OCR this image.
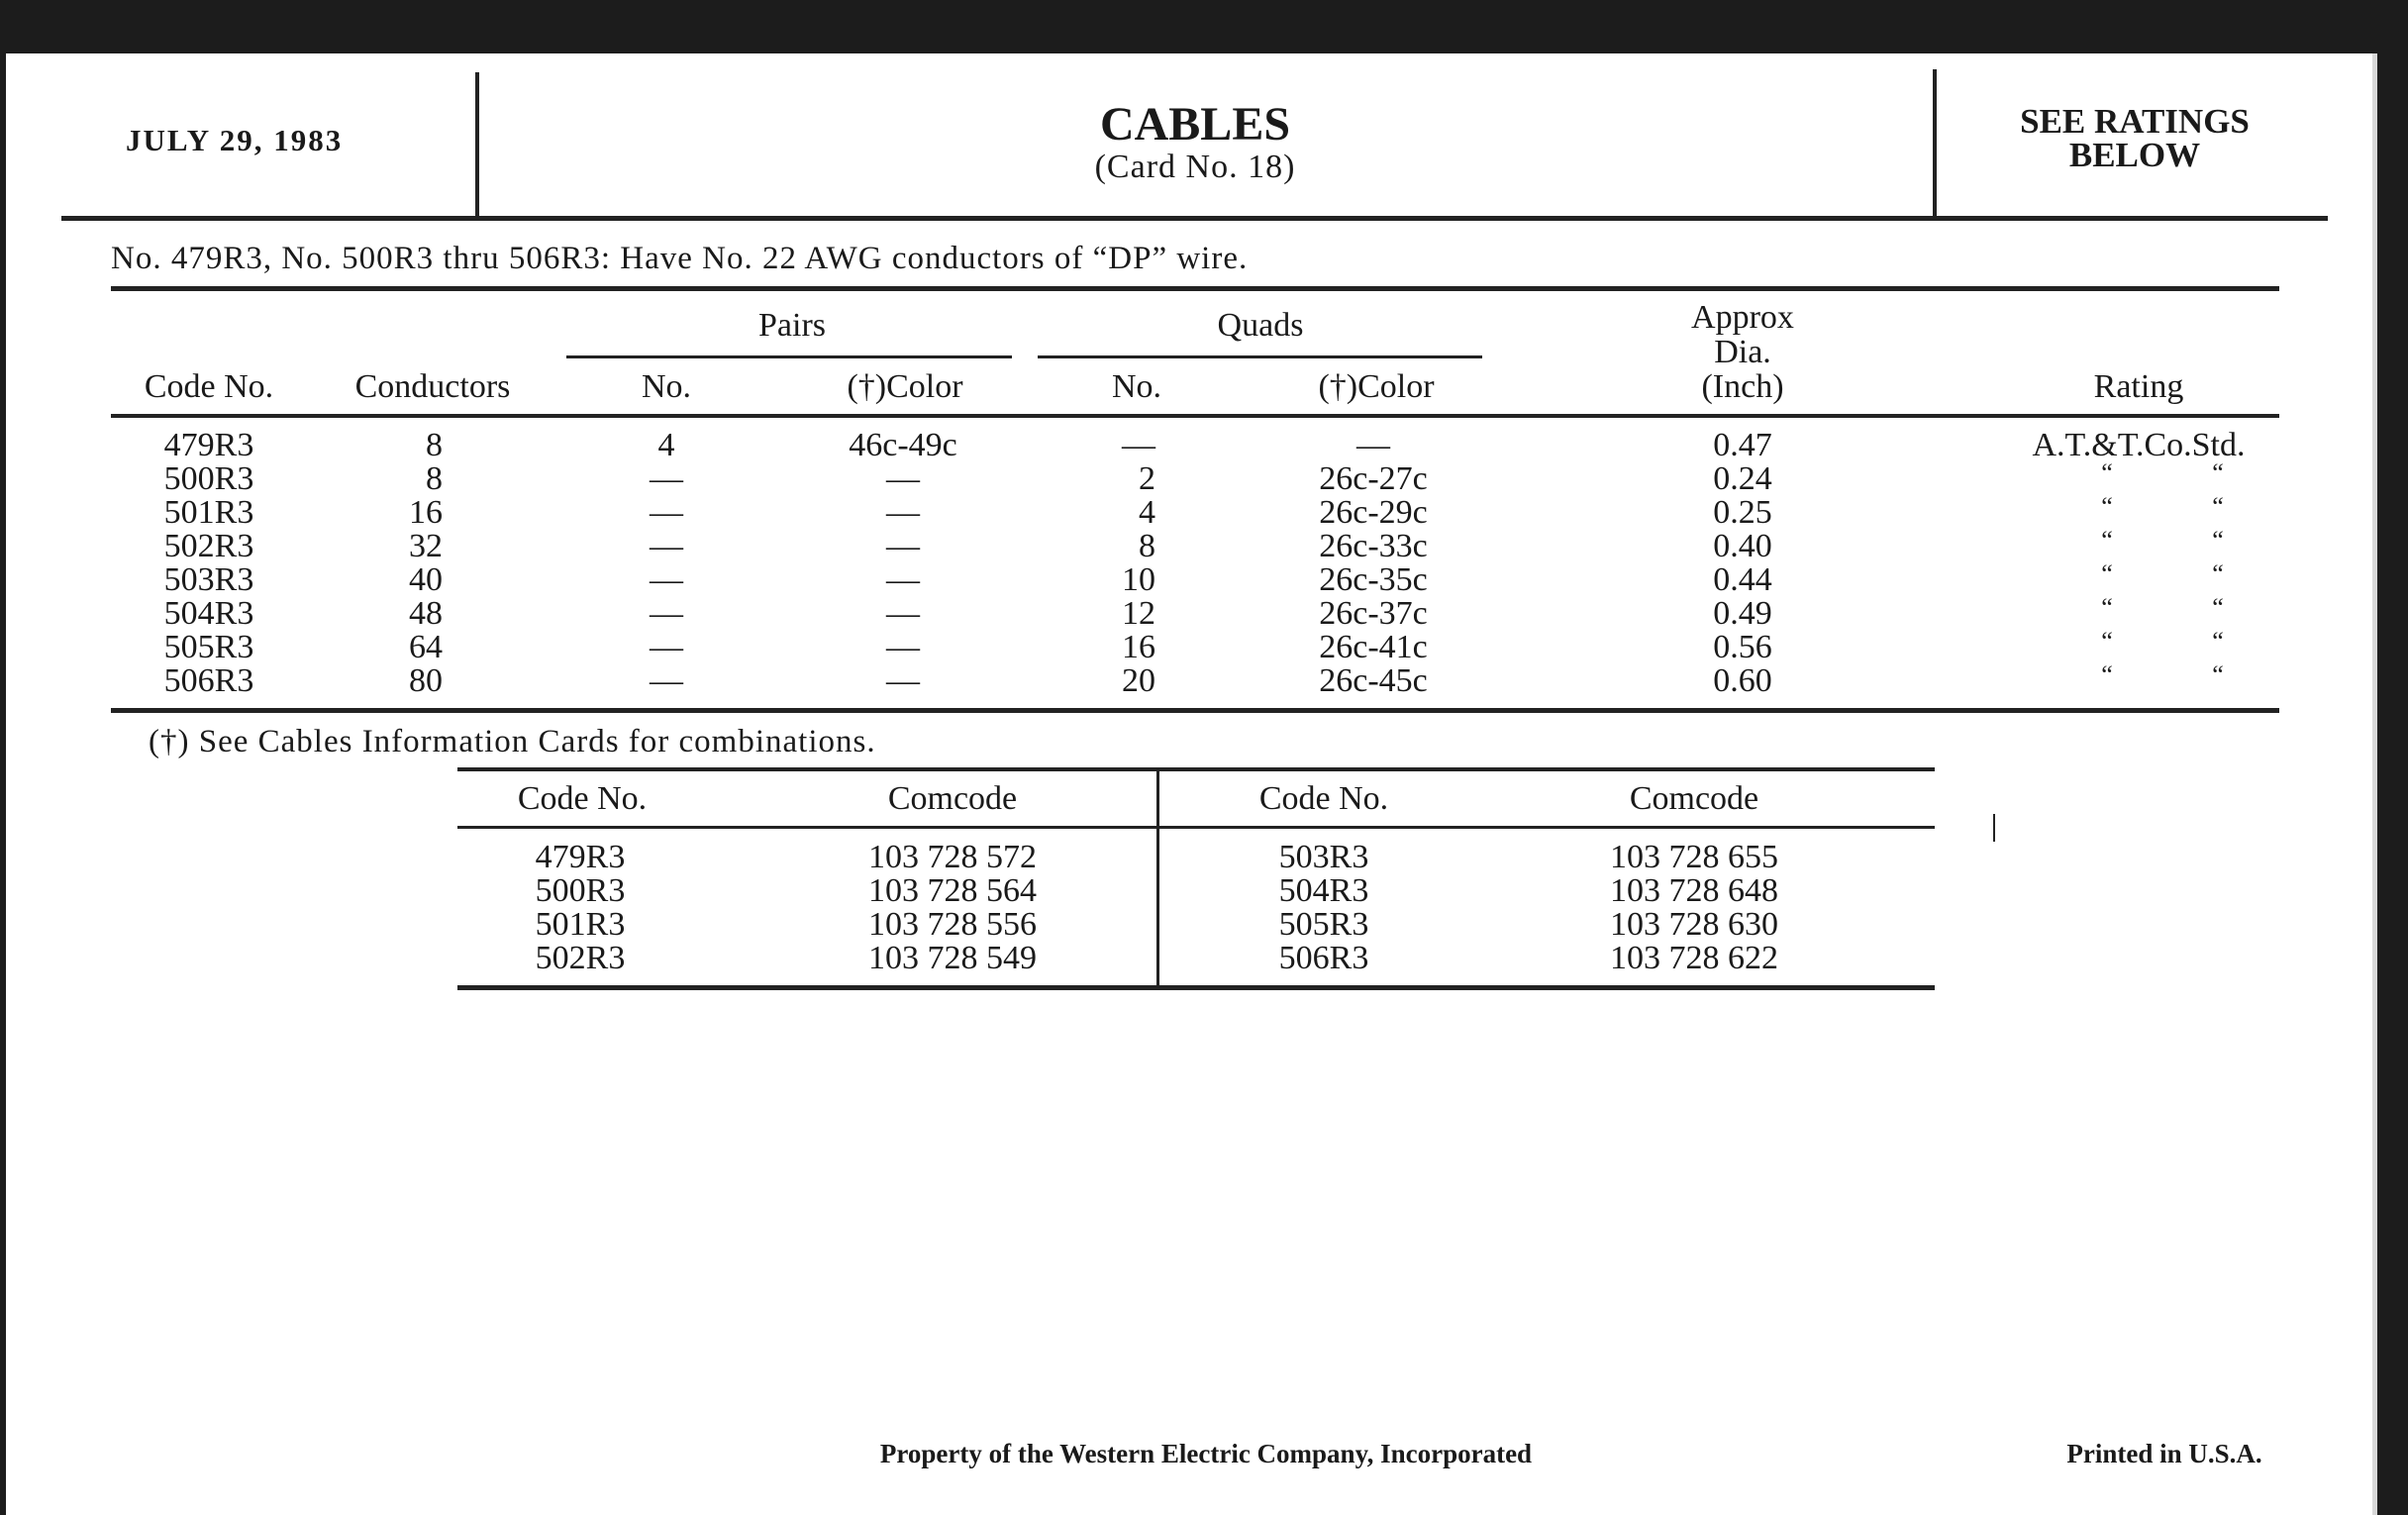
JULY 29, 1983	CABLES
(Card No. 18)
SEE RATINGS
BELOW
No. 479R3, No. 500R3 thru 506R3: Have No. 22 AWG conductors of “DP” wire.
Pairs	Quads
Code No. Conductors	No.	(†)Color	No.	(†)Color
Approx
Dia.
(Inch)	Rating
479R3	8	4	46c-49c	—	—	0.47	A.T.&T.Co.Std.
500R3	8	—	—	2	26c-27c	0.24	“	“
501R3	16	—	—	4	26c-29c	0.25	“	“
502R3	32	—	—	8	26c-33c	0.40	“	“
503R3	40	—	—	10	26c-35c	0.44	“	“
504R3	48	—	—	12	26c-37c	0.49	“	“
505R3	64	—	—	16	26c-41c	0.56	“	“
506R3	80	—	—	20	26c-45c	0.60	“	“
(†) See Cables Information Cards for combinations.
Code No.	Comcode	Code No.	Comcode
479R3	103 728 572	503R3	103 728 655
500R3	103 728 564	504R3	103 728 648
501R3	103 728 556	505R3	103 728 630
502R3	103 728 549	506R3	103 728 622
Property of the Western Electric Company, Incorporated	Printed in U.S.A.
